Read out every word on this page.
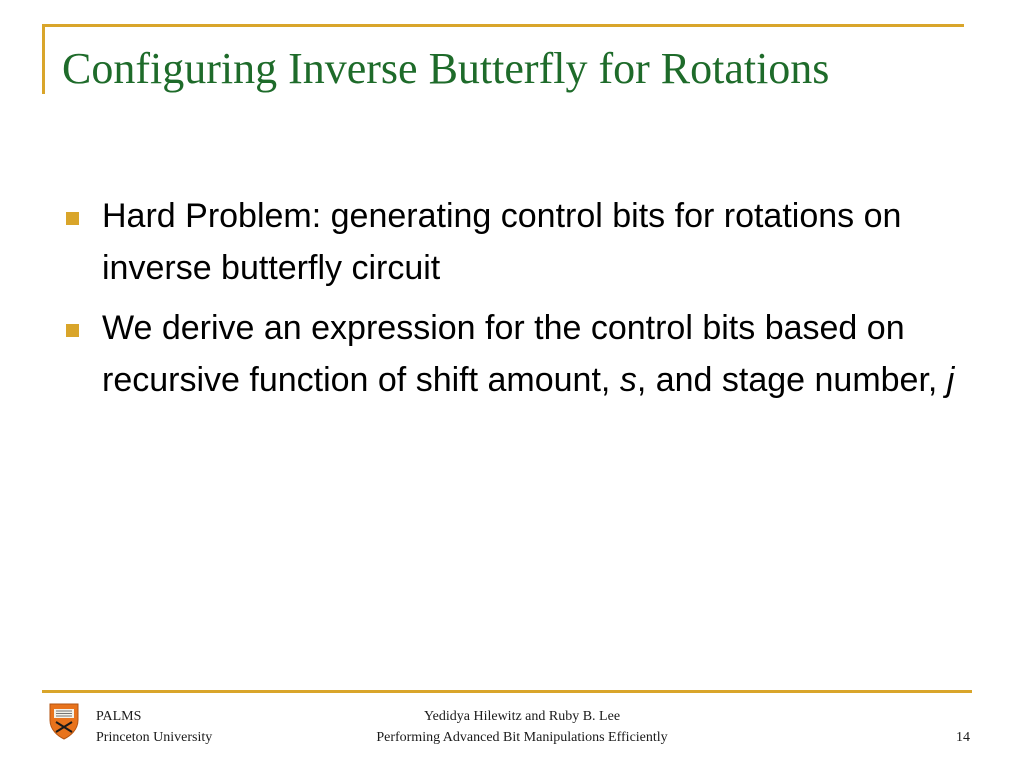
Configuring Inverse Butterfly for Rotations
Hard Problem: generating control bits for rotations on inverse butterfly circuit
We derive an expression for the control bits based on recursive function of shift amount, s, and stage number, j
PALMS
Princeton University
Yedidya Hilewitz and Ruby B. Lee
Performing Advanced Bit Manipulations Efficiently	14
